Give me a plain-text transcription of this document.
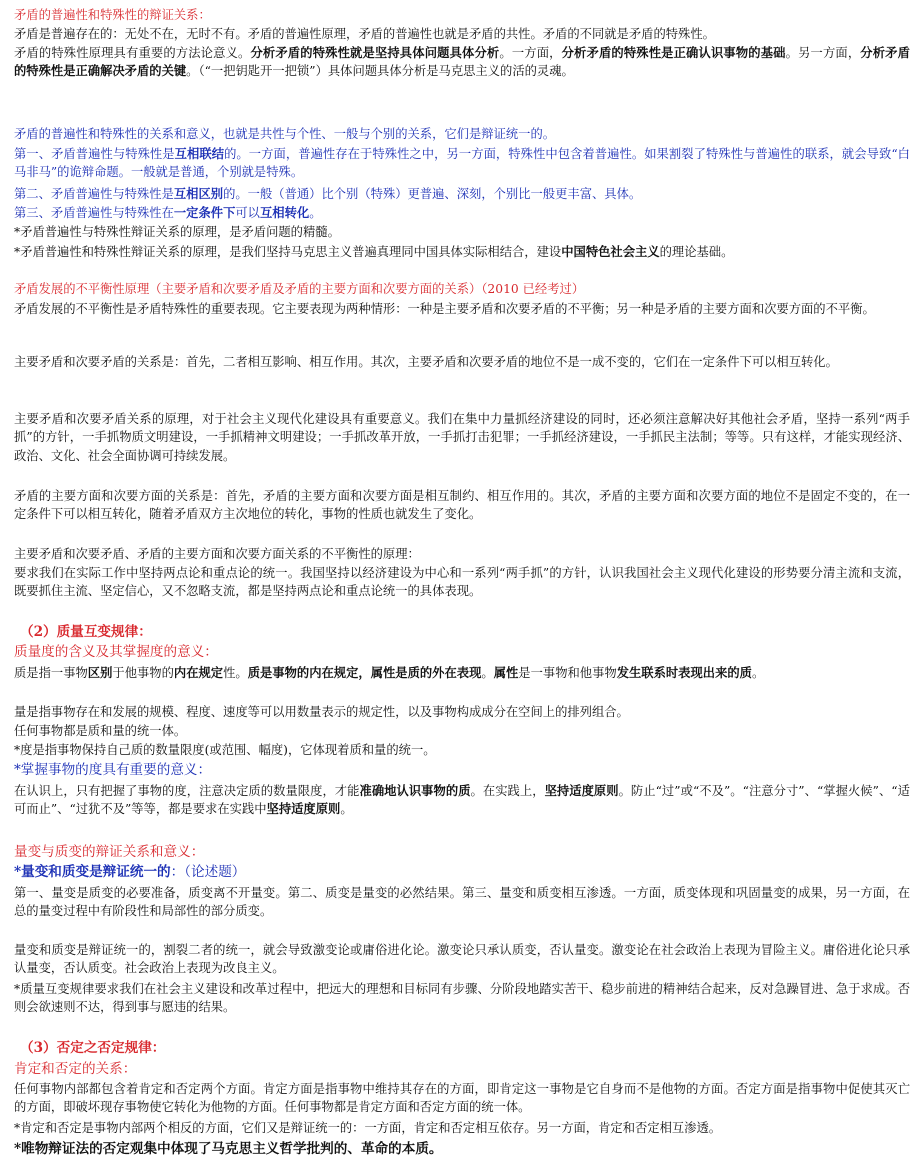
矛盾的普遍性和特殊性的辩证关系：

矛盾是普遍存在的：无处不在，无时不有。矛盾的普遍性原理，矛盾的普遍性也就是矛盾的共性。矛盾的不同就是矛盾的特殊性。

矛盾的特殊性原理具有重要的方法论意义。分析矛盾的特殊性就是坚持具体问题具体分析。一方面，分析矛盾的特殊性是正确认识事物的基础。另一方面，分析矛盾的特殊性是正确解决矛盾的关键。（“一把钥匙开一把锁”）具体问题具体分析是马克思主义的活的灵魂。

矛盾的普遍性和特殊性的关系和意义，也就是共性与个性、一般与个别的关系，它们是辩证统一的。

第一、矛盾普遍性与特殊性是互相联结的。一方面，普遍性存在于特殊性之中，另一方面，特殊性中包含着普遍性。如果割裂了特殊性与普遍性的联系，就会导致“白马非马”的诡辩命题。一般就是普通，个别就是特殊。

第二、矛盾普遍性与特殊性是互相区别的。一般（普通）比个别（特殊）更普遍、深刻，个别比一般更丰富、具体。

第三、矛盾普遍性与特殊性在一定条件下可以互相转化。

*矛盾普遍性与特殊性辩证关系的原理，是矛盾问题的精髓。

*矛盾普遍性和特殊性辩证关系的原理，是我们坚持马克思主义普遍真理同中国具体实际相结合，建设中国特色社会主义的理论基础。

矛盾发展的不平衡性原理（主要矛盾和次要矛盾及矛盾的主要方面和次要方面的关系）（2010 已经考过）

矛盾发展的不平衡性是矛盾特殊性的重要表现。它主要表现为两种情形：一种是主要矛盾和次要矛盾的不平衡；另一种是矛盾的主要方面和次要方面的不平衡。

主要矛盾和次要矛盾的关系是：首先，二者相互影响、相互作用。其次，主要矛盾和次要矛盾的地位不是一成不变的，它们在一定条件下可以相互转化。

主要矛盾和次要矛盾关系的原理，对于社会主义现代化建设具有重要意义。我们在集中力量抓经济建设的同时，还必须注意解决好其他社会矛盾，坚持一系列“两手抓”的方针，一手抓物质文明建设，一手抓精神文明建设；一手抓改革开放，一手抓打击犯罪；一手抓经济建设，一手抓民主法制；等等。只有这样，才能实现经济、政治、文化、社会全面协调可持续发展。

矛盾的主要方面和次要方面的关系是：首先，矛盾的主要方面和次要方面是相互制约、相互作用的。其次，矛盾的主要方面和次要方面的地位不是固定不变的，在一定条件下可以相互转化，随着矛盾双方主次地位的转化，事物的性质也就发生了变化。

主要矛盾和次要矛盾、矛盾的主要方面和次要方面关系的不平衡性的原理：

要求我们在实际工作中坚持两点论和重点论的统一。我国坚持以经济建设为中心和一系列“两手抓”的方针，认识我国社会主义现代化建设的形势要分清主流和支流，既要抓住主流、坚定信心，又不忽略支流，都是坚持两点论和重点论统一的具体表现。

（2）质量互变规律：

质量度的含义及其掌握度的意义：

质是指一事物区别于他事物的内在规定性。质是事物的内在规定，属性是质的外在表现。属性是一事物和他事物发生联系时表现出来的质。

量是指事物存在和发展的规模、程度、速度等可以用数量表示的规定性，以及事物构成成分在空间上的排列组合。

任何事物都是质和量的统一体。

*度是指事物保持自己质的数量限度(或范围、幅度)，它体现着质和量的统一。

*掌握事物的度具有重要的意义：

在认识上，只有把握了事物的度，注意决定质的数量限度，才能准确地认识事物的质。在实践上，坚持适度原则。防止“过”或“不及”。“注意分寸”、“掌握火候”、“适可而止”、“过犹不及”等等，都是要求在实践中坚持适度原则。

量变与质变的辩证关系和意义：

*量变和质变是辩证统一的：（论述题）

第一、量变是质变的必要准备，质变离不开量变。第二、质变是量变的必然结果。第三、量变和质变相互渗透。一方面，质变体现和巩固量变的成果，另一方面，在总的量变过程中有阶段性和局部性的部分质变。

量变和质变是辩证统一的，割裂二者的统一，就会导致激变论或庸俗进化论。激变论只承认质变，否认量变。激变论在社会政治上表现为冒险主义。庸俗进化论只承认量变，否认质变。社会政治上表现为改良主义。

*质量互变规律要求我们在社会主义建设和改革过程中，把远大的理想和目标同有步骤、分阶段地踏实苦干、稳步前进的精神结合起来，反对急躁冒进、急于求成。否则会欲速则不达，得到事与愿违的结果。

（3）否定之否定规律：

肯定和否定的关系：

任何事物内部都包含着肯定和否定两个方面。肯定方面是指事物中维持其存在的方面，即肯定这一事物是它自身而不是他物的方面。否定方面是指事物中促使其灭亡的方面，即破坏现存事物使它转化为他物的方面。任何事物都是肯定方面和否定方面的统一体。

*肯定和否定是事物内部两个相反的方面，它们又是辩证统一的：一方面，肯定和否定相互依存。另一方面，肯定和否定相互渗透。

*唯物辩证法的否定观集中体现了马克思主义哲学批判的、革命的本质。
